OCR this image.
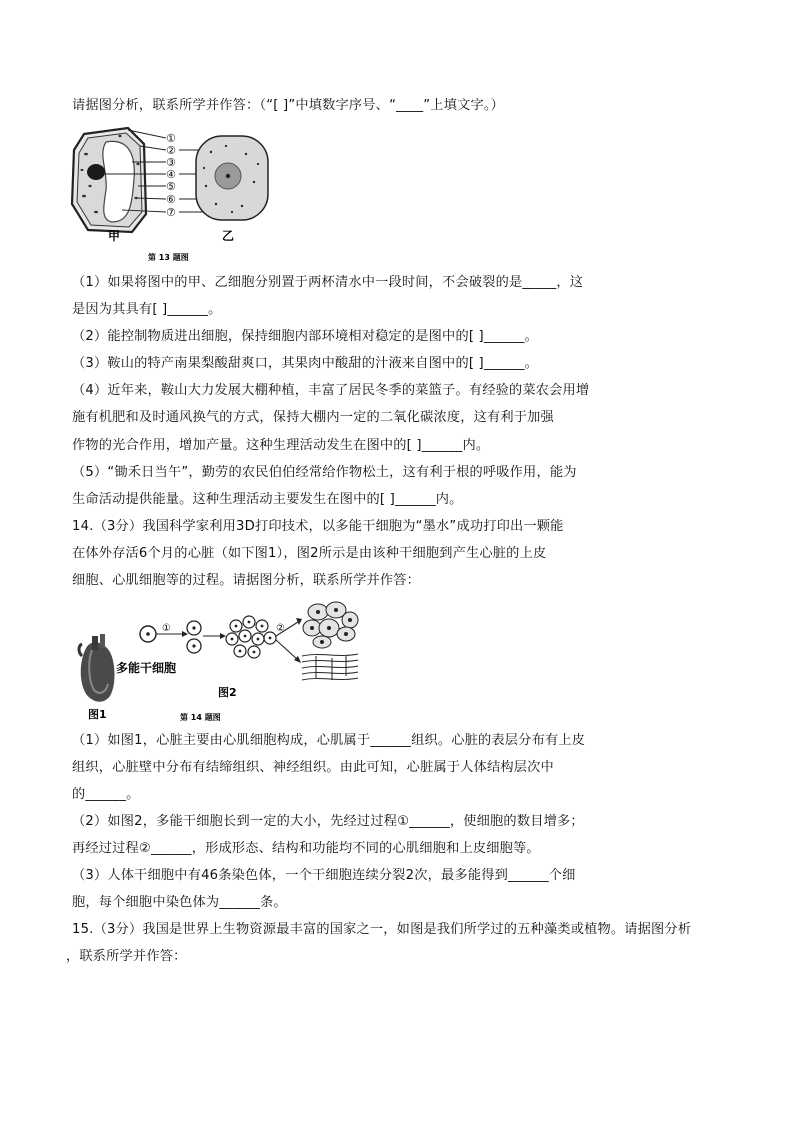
请据图分析，联系所学并作答：（“[ ]”中填数字序号、“____”上填文字。）
①
②
③
④
⑤
⑥
⑦
甲	乙
第 13 题图
（1）如果将图中的甲、乙细胞分别置于两杯清水中一段时间，不会破裂的是_____，这
是因为其具有[ ]______。
（2）能控制物质进出细胞，保持细胞内部环境相对稳定的是图中的[ ]______。
（3）鞍山的特产南果梨酸甜爽口，其果肉中酸甜的汁液来自图中的[ ]______。
（4）近年来，鞍山大力发展大棚种植，丰富了居民冬季的菜篮子。有经验的菜农会用增
施有机肥和及时通风换气的方式，保持大棚内一定的二氧化碳浓度，这有利于加强
作物的光合作用，增加产量。这种生理活动发生在图中的[ ]______内。
（5）“锄禾日当午”，勤劳的农民伯伯经常给作物松土，这有利于根的呼吸作用，能为
生命活动提供能量。这种生理活动主要发生在图中的[ ]______内。
14.（3分）我国科学家利用3D打印技术，以多能干细胞为“墨水”成功打印出一颗能
在体外存活6个月的心脏（如下图1），图2所示是由该种干细胞到产生心脏的上皮
细胞、心肌细胞等的过程。请据图分析，联系所学并作答：
图1
①	②
多能干细胞
图2
第 14 题图
（1）如图1，心脏主要由心肌细胞构成，心肌属于______组织。心脏的表层分布有上皮
组织，心脏壁中分布有结缔组织、神经组织。由此可知，心脏属于人体结构层次中
的______。
（2）如图2，多能干细胞长到一定的大小，先经过过程①______，使细胞的数目增多；
再经过过程②______，形成形态、结构和功能均不同的心肌细胞和上皮细胞等。
（3）人体干细胞中有46条染色体，一个干细胞连续分裂2次，最多能得到______个细
胞，每个细胞中染色体为______条。
15.（3分）我国是世界上生物资源最丰富的国家之一，如图是我们所学过的五种藻类或植物。请据图分析
，联系所学并作答：
